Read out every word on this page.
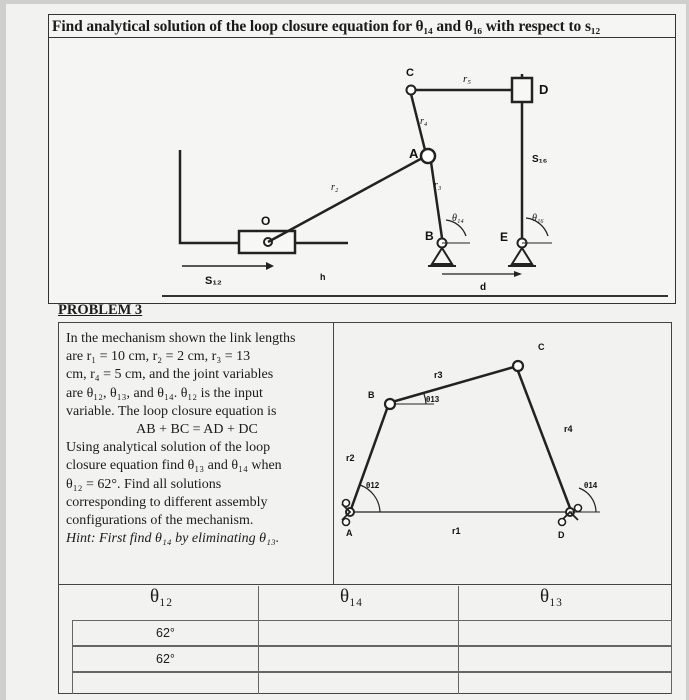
Find analytical solution of the loop closure equation for θ₁₄ and θ₁₆ with respect to s₁₂
C	r₅
D
r₄
A	S₁₆
r₂	r₃
O	θ₁₄	θ₁₆
B	E
S₁₂	h
d
PROBLEM 3
In the mechanism shown the link lengths
are r₁ = 10 cm, r₂ = 2 cm, r₃ = 13
cm, r₄ = 5 cm, and the joint variables
are θ₁₂, θ₁₃, and θ₁₄. θ₁₂ is the input
variable. The loop closure equation is
AB + BC = AD + DC
Using analytical solution of the loop
closure equation find θ₁₃ and θ₁₄ when
θ₁₂ = 62°. Find all solutions
corresponding to different assembly
configurations of the mechanism.
Hint: First find θ₁₄ by eliminating θ₁₃.
C
r3
B	θ13
r4
r2
θ12	θ14
A	r1	D
θ₁₂	θ₁₄	θ₁₃
62°
62°
